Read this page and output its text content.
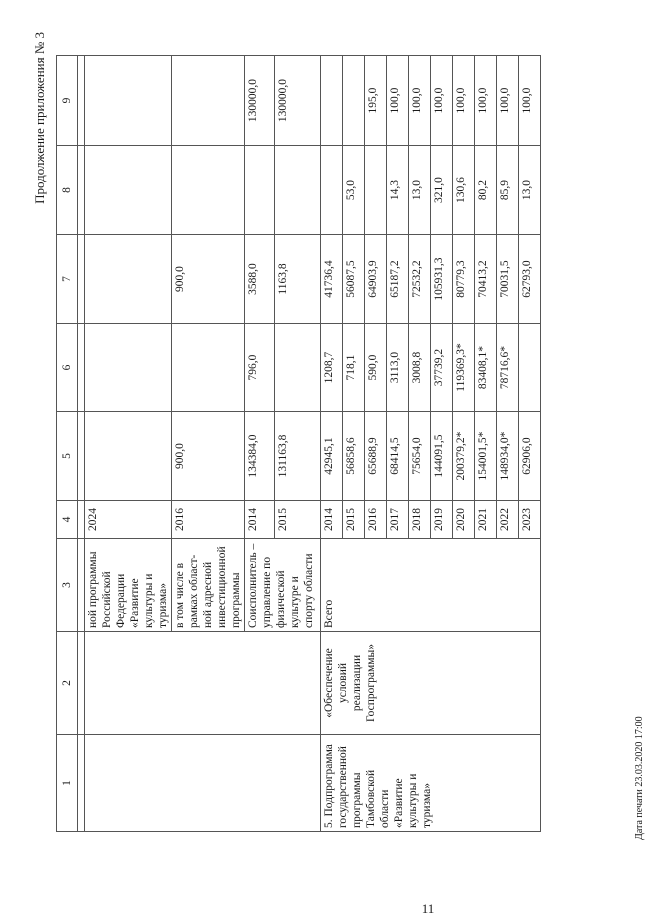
Продолжение приложения № 3
11
Дата печати 23.03.2020 17:00
1	2	3	4	5	6	7	8	9

		ной программы Российской Федерации «Развитие культуры и туризма»	2024					
		в том числе в рамках област-ной адресной инвестиционной программы	2016	900,0		900,0		
		Соисполнитель – управление по физической культуре и спорту области	2014	134384,0	796,0	3588,0		130000,0
			2015	131163,8		1163,8		130000,0
5. Подпрограмма государственной программы Тамбовской области «Развитие культуры и туризма»	«Обеспечение условий реализации Госпрограммы»	Всего	2014	42945,1	1208,7	41736,4		
			2015	56858,6	718,1	56087,5	53,0	
			2016	65688,9	590,0	64903,9		195,0
			2017	68414,5	3113,0	65187,2	14,3	100,0
			2018	75654,0	3008,8	72532,2	13,0	100,0
			2019	144091,5	37739,2	105931,3	321,0	100,0
			2020	200379,2*	119369,3*	80779,3	130,6	100,0
			2021	154001,5*	83408,1*	70413,2	80,2	100,0
			2022	148934,0*	78716,6*	70031,5	85,9	100,0
			2023	62906,0		62793,0	13,0	100,0
